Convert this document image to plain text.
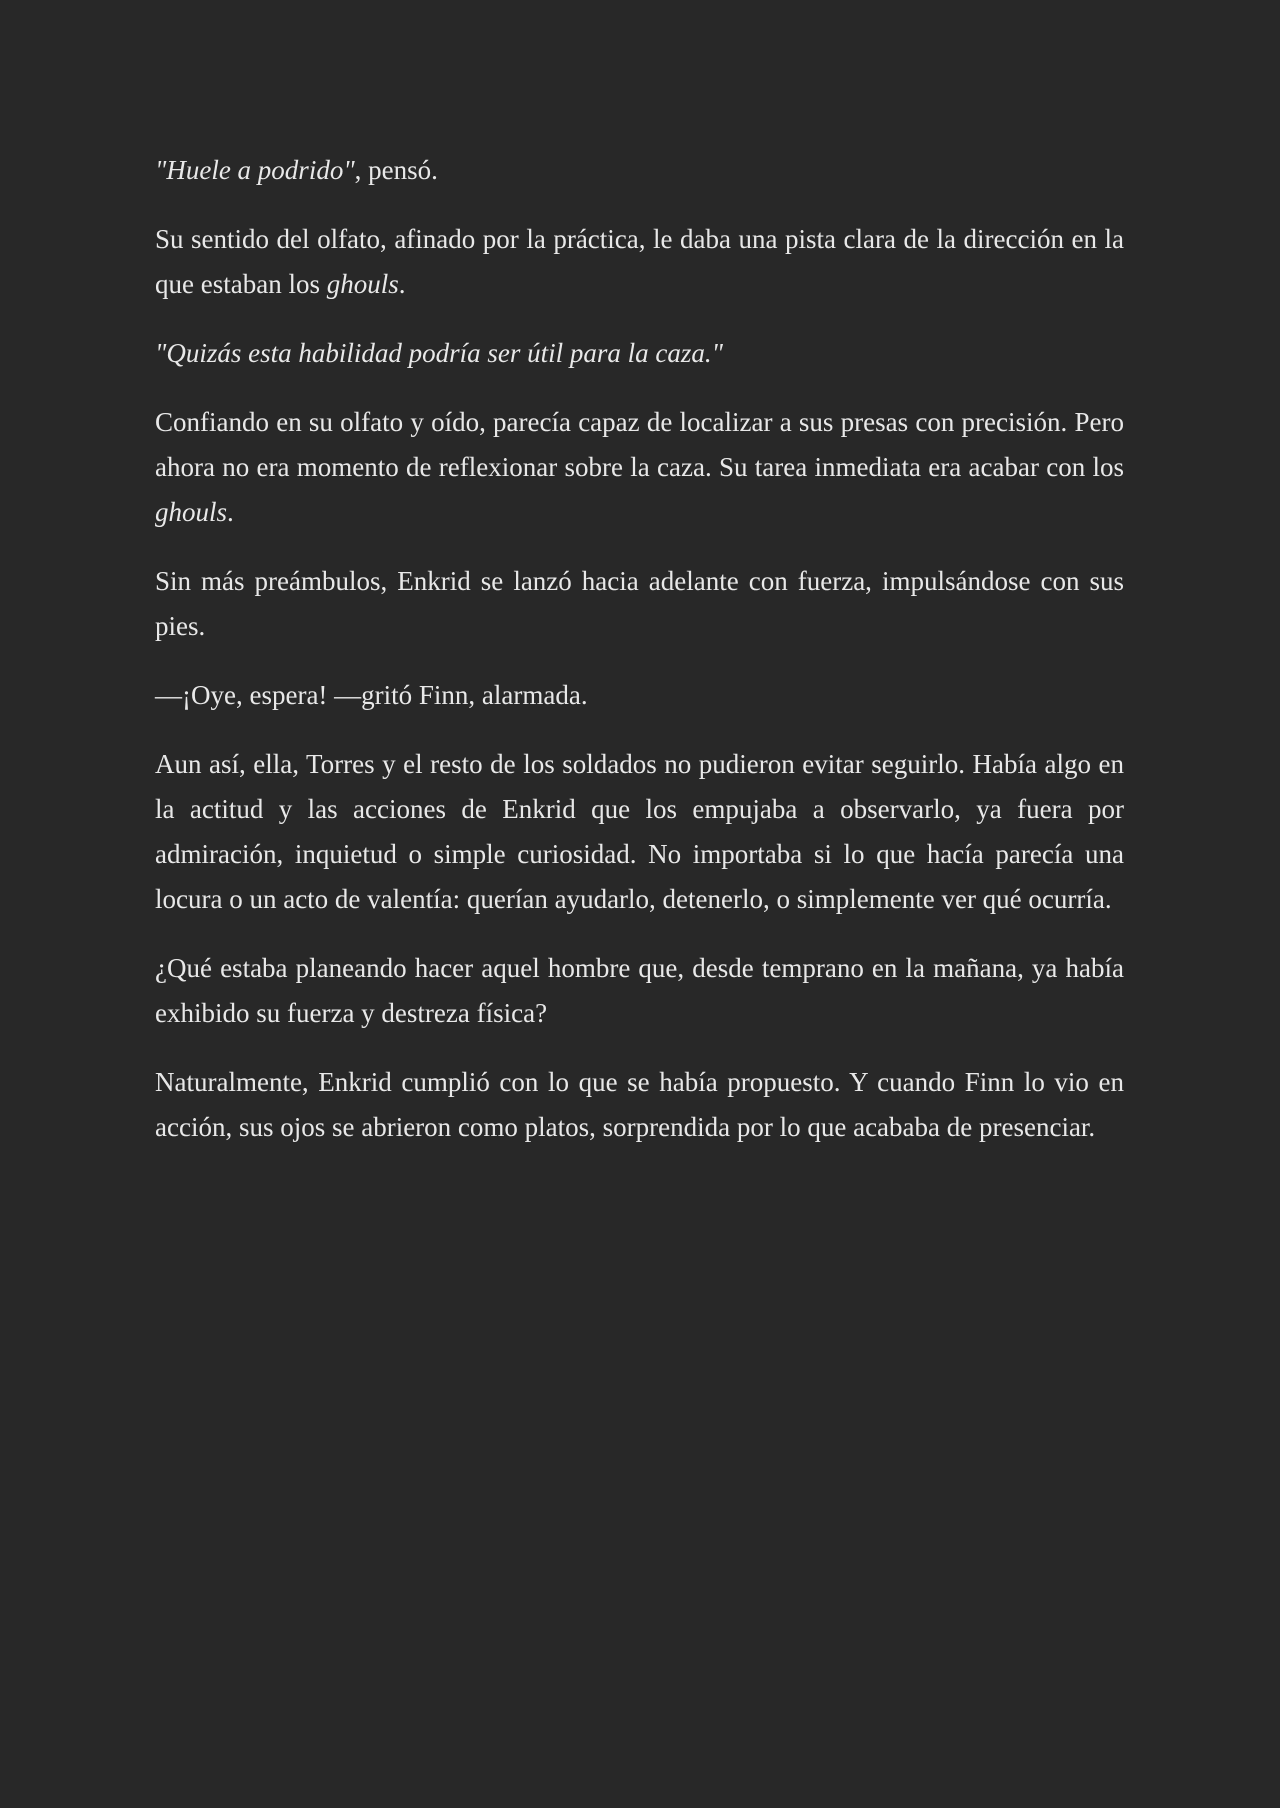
"Huele a podrido", pensó.

Su sentido del olfato, afinado por la práctica, le daba una pista clara de la dirección en la que estaban los ghouls.

"Quizás esta habilidad podría ser útil para la caza."

Confiando en su olfato y oído, parecía capaz de localizar a sus presas con precisión. Pero ahora no era momento de reflexionar sobre la caza. Su tarea inmediata era acabar con los ghouls.

Sin más preámbulos, Enkrid se lanzó hacia adelante con fuerza, impulsándose con sus pies.

—¡Oye, espera! —gritó Finn, alarmada.

Aun así, ella, Torres y el resto de los soldados no pudieron evitar seguirlo. Había algo en la actitud y las acciones de Enkrid que los empujaba a observarlo, ya fuera por admiración, inquietud o simple curiosidad. No importaba si lo que hacía parecía una locura o un acto de valentía: querían ayudarlo, detenerlo, o simplemente ver qué ocurría.

¿Qué estaba planeando hacer aquel hombre que, desde temprano en la mañana, ya había exhibido su fuerza y destreza física?

Naturalmente, Enkrid cumplió con lo que se había propuesto. Y cuando Finn lo vio en acción, sus ojos se abrieron como platos, sorprendida por lo que acababa de presenciar.
